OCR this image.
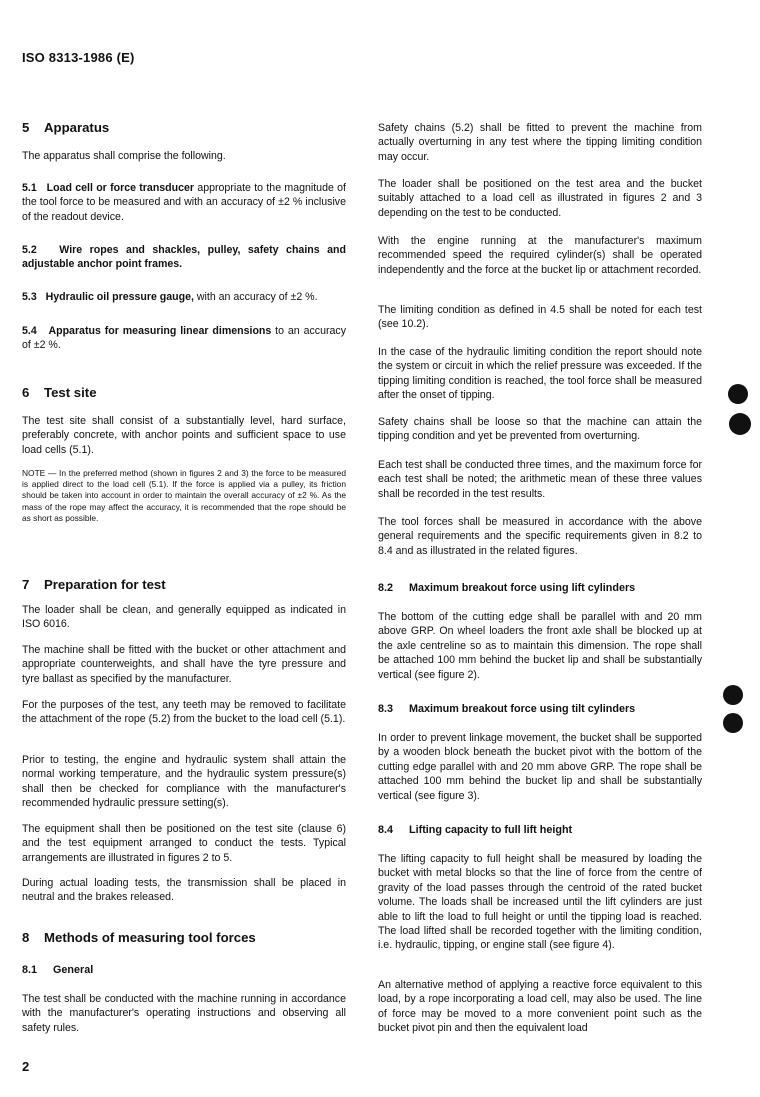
ISO 8313-1986 (E)
5 Apparatus

The apparatus shall comprise the following.

5.1 Load cell or force transducer appropriate to the magnitude of the tool force to be measured and with an accuracy of ±2 % inclusive of the readout device.

5.2 Wire ropes and shackles, pulley, safety chains and adjustable anchor point frames.

5.3 Hydraulic oil pressure gauge, with an accuracy of ±2 %.

5.4 Apparatus for measuring linear dimensions to an accuracy of ±2 %.

6 Test site

The test site shall consist of a substantially level, hard surface, preferably concrete, with anchor points and sufficient space to use load cells (5.1).

NOTE — In the preferred method (shown in figures 2 and 3) the force to be measured is applied direct to the load cell (5.1). If the force is applied via a pulley, its friction should be taken into account in order to maintain the overall accuracy of ±2 %. As the mass of the rope may affect the accuracy, it is recommended that the rope should be as short as possible.

7 Preparation for test

The loader shall be clean, and generally equipped as indicated in ISO 6016.

The machine shall be fitted with the bucket or other attachment and appropriate counterweights, and shall have the tyre pressure and tyre ballast as specified by the manufacturer.

For the purposes of the test, any teeth may be removed to facilitate the attachment of the rope (5.2) from the bucket to the load cell (5.1).

Prior to testing, the engine and hydraulic system shall attain the normal working temperature, and the hydraulic system pressure(s) shall then be checked for compliance with the manufacturer's recommended hydraulic pressure setting(s).

The equipment shall then be positioned on the test site (clause 6) and the test equipment arranged to conduct the tests. Typical arrangements are illustrated in figures 2 to 5.

During actual loading tests, the transmission shall be placed in neutral and the brakes released.

8 Methods of measuring tool forces
8.1 General

The test shall be conducted with the machine running in accordance with the manufacturer's operating instructions and observing all safety rules.

Safety chains (5.2) shall be fitted to prevent the machine from actually overturning in any test where the tipping limiting condition may occur.

The loader shall be positioned on the test area and the bucket suitably attached to a load cell as illustrated in figures 2 and 3 depending on the test to be conducted.

With the engine running at the manufacturer's maximum recommended speed the required cylinder(s) shall be operated independently and the force at the bucket lip or attachment recorded.

The limiting condition as defined in 4.5 shall be noted for each test (see 10.2).

In the case of the hydraulic limiting condition the report should note the system or circuit in which the relief pressure was exceeded. If the tipping limiting condition is reached, the tool force shall be measured after the onset of tipping.

Safety chains shall be loose so that the machine can attain the tipping condition and yet be prevented from overturning.

Each test shall be conducted three times, and the maximum force for each test shall be noted; the arithmetic mean of these three values shall be recorded in the test results.

The tool forces shall be measured in accordance with the above general requirements and the specific requirements given in 8.2 to 8.4 and as illustrated in the related figures.

8.2 Maximum breakout force using lift cylinders

The bottom of the cutting edge shall be parallel with and 20 mm above GRP. On wheel loaders the front axle shall be blocked up at the axle centreline so as to maintain this dimension. The rope shall be attached 100 mm behind the bucket lip and shall be substantially vertical (see figure 2).

8.3 Maximum breakout force using tilt cylinders

In order to prevent linkage movement, the bucket shall be supported by a wooden block beneath the bucket pivot with the bottom of the cutting edge parallel with and 20 mm above GRP. The rope shall be attached 100 mm behind the bucket lip and shall be substantially vertical (see figure 3).

8.4 Lifting capacity to full lift height

The lifting capacity to full height shall be measured by loading the bucket with metal blocks so that the line of force from the centre of gravity of the load passes through the centroid of the rated bucket volume. The loads shall be increased until the lift cylinders are just able to lift the load to full height or until the tipping load is reached. The load lifted shall be recorded together with the limiting condition, i.e. hydraulic, tipping, or engine stall (see figure 4).

An alternative method of applying a reactive force equivalent to this load, by a rope incorporating a load cell, may also be used. The line of force may be moved to a more convenient point such as the bucket pivot pin and then the equivalent load

2
